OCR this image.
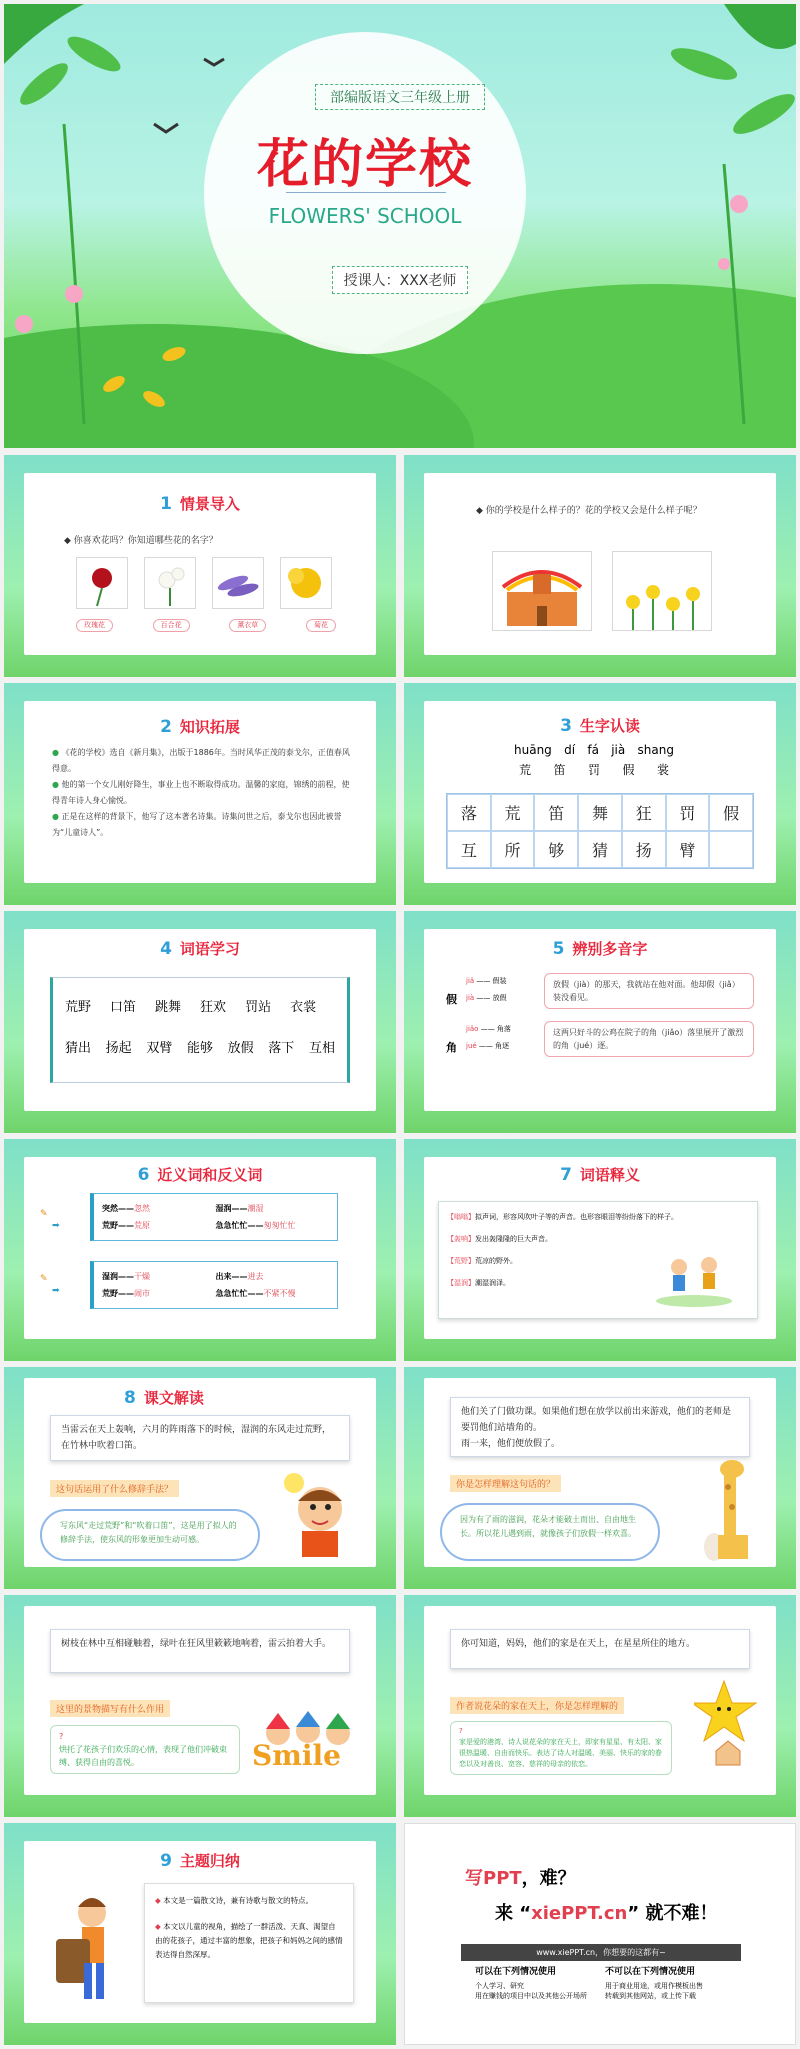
部编版语文三年级上册
花的学校
FLOWERS' SCHOOL
授课人：XXX老师
1 情景导入
◆ 你喜欢花吗？你知道哪些花的名字？
玫瑰花	百合花	薰衣草	菊花
◆ 你的学校是什么样子的？花的学校又会是什么样子呢？
2 知识拓展
● 《花的学校》选自《新月集》，出版于1886年。当时风华正茂的泰戈尔，正值春风得意。
● 他的第一个女儿刚好降生，事业上也不断取得成功。温馨的家庭，锦绣的前程，使得青年诗人身心愉悦。
● 正是在这样的背景下，他写了这本著名诗集。诗集问世之后，泰戈尔也因此被誉为“儿童诗人”。
3 生字认读
huāng dí fá jià shang
荒 笛 罚 假 裳
落	荒	笛	舞	狂	罚	假
互	所	够	猜	扬	臂
4 词语学习
荒野 口笛 跳舞 狂欢 罚站 衣裳
猜出 扬起 双臂 能够 放假 落下 互相
5 辨别多音字
假
jiǎ —— 假装
jià —— 放假
放假（jià）的那天，我就站在他对面。他却假（jiǎ）装没看见。
角
jiǎo —— 角落
jué —— 角逐
这两只好斗的公鸡在院子的角（jiǎo）落里展开了激烈的角（jué）逐。
6 近义词和反义词
✎
➡
突然——忽然	湿润——潮湿
荒野——荒原	急急忙忙——匆匆忙忙
✎
➡
湿润——干燥	出来——进去
荒野——闹市	急急忙忙——不紧不慢
7 词语释义
【嗡嗡】拟声词，形容风吹叶子等的声音。也形容眼泪等纷纷落下的样子。
【轰响】发出轰隆隆的巨大声音。
【荒野】荒凉的野外。
【湿润】潮湿润泽。
8 课文解读
当雷云在天上轰响，六月的阵雨落下的时候，湿润的东风走过荒野，在竹林中吹着口笛。
这句话运用了什么修辞手法？
写东风“走过荒野”和“吹着口笛”，这是用了拟人的修辞手法，使东风的形象更加生动可感。
他们关了门做功课。如果他们想在放学以前出来游戏，他们的老师是要罚他们站墙角的。
雨一来，他们便放假了。
你是怎样理解这句话的？
因为有了雨的滋润，花朵才能破土而出、自由地生长。所以花儿遇到雨，就像孩子们放假一样欢喜。
树枝在林中互相碰触着，绿叶在狂风里簌簌地响着，雷云拍着大手。
这里的景物描写有什么作用
?
烘托了花孩子们欢乐的心情，表现了他们冲破束缚、获得自由的喜悦。	Smile
你可知道，妈妈，他们的家是在天上，在星星所住的地方。
作者说花朵的家在天上，你是怎样理解的
?
家是爱的港湾，诗人说花朵的家在天上，即家有星星、有太阳、家很热温暖、自由而快乐。表达了诗人对温暖、美丽、快乐的家的眷恋以及对善良、宽容、慈祥的母亲的依恋。
9 主题归纳
◆ 本文是一篇散文诗，兼有诗歌与散文的特点。
◆ 本文以儿童的视角，描绘了一群活泼、天真、渴望自由的花孩子，通过丰富的想象，把孩子和妈妈之间的感情表达得自然深厚。
写PPT，难？
来 “xiePPT.cn” 就不难！
www.xiePPT.cn，你想要的这都有~
可以在下列情况使用
个人学习、研究
用在赚钱的项目中以及其他公开场所
不可以在下列情况使用
用于商业用途，或用作模板出售
转载到其他网站，或上传下载
